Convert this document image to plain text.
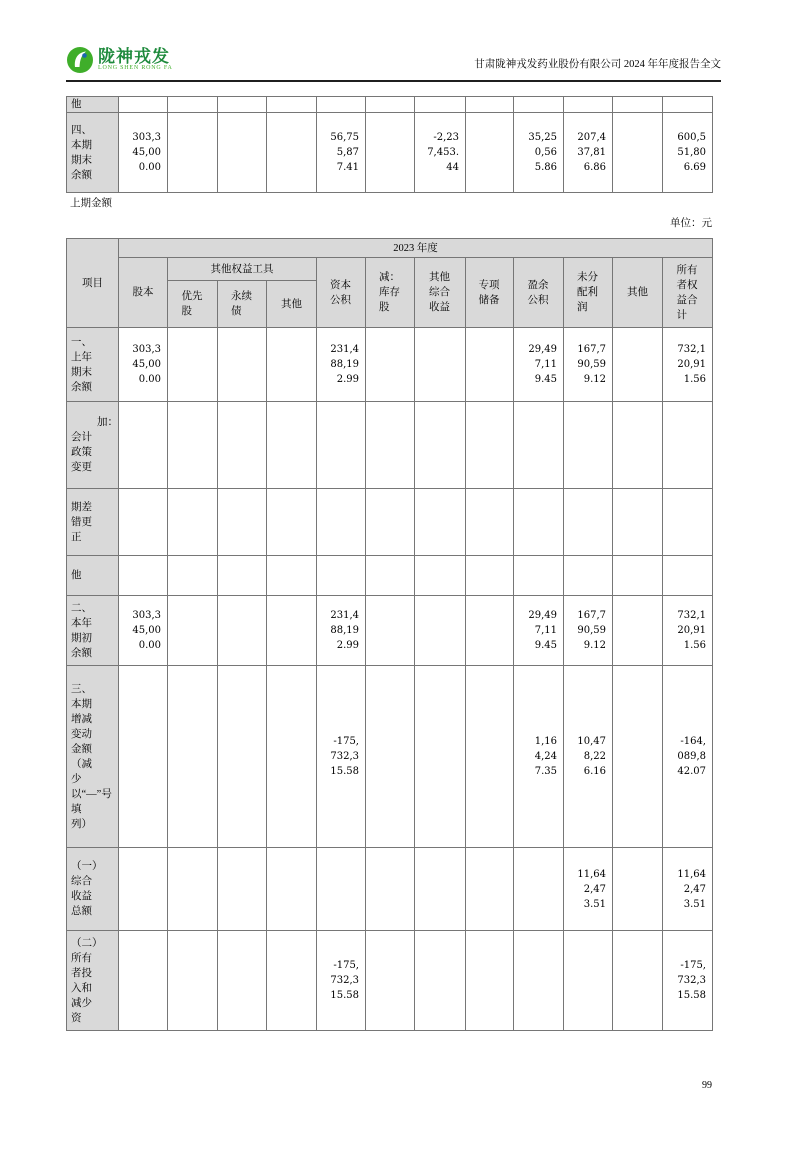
陇神戎发
LONG SHEN RONG FA	甘肃陇神戎发药业股份有限公司 2024 年年度报告全文
他												
四、本期期末余额	303,345,000.00				56,755,877.41		-2,237,453.44		35,250,565.86	207,437,816.86		600,551,806.69
上期金额
单位：元
项目	2023 年度											
	股本	其他权益工具			资本公积	减：库存股	其他综合收益	专项储备	盈余公积	未分配利润	其他	所有者权益合计
		优先股	永续债	其他								
一、上年期末余额	303,345,000.00				231,488,192.99				29,497,119.45	167,790,599.12		732,120,911.56
加：会计政策变更												
期差错更正												
他												
二、本年期初余额	303,345,000.00				231,488,192.99				29,497,119.45	167,790,599.12		732,120,911.56
三、本期增减变动金额（减少以“—”号填列）					-175,732,315.58				1,164,247.35	10,478,226.16		-164,089,842.07
（一）综合收益总额										11,642,473.51		11,642,473.51
（二）所有者投入和减少资					-175,732,315.58							-175,732,315.58
99
